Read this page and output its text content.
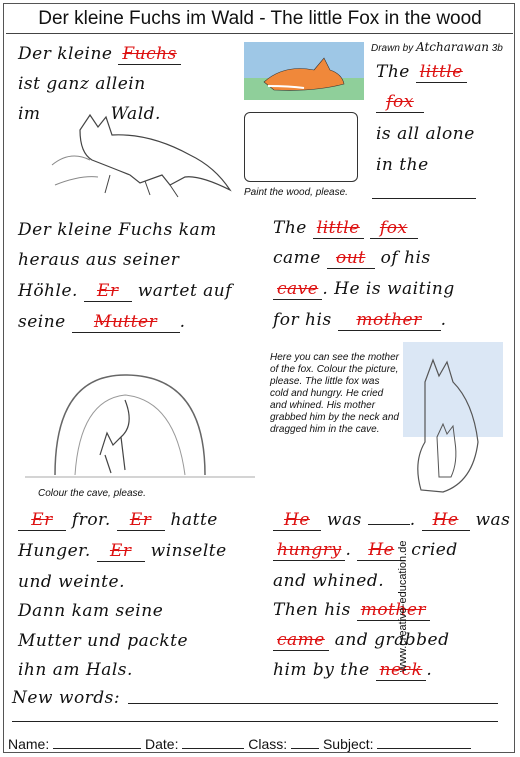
Der kleine Fuchs im Wald - The little Fox in the wood
Der kleine Fuchs
ist ganz allein
im	Wald.
Paint the wood, please.
Drawn by Atcharawan 3b
The little
fox
is all alone
in the
Der kleine Fuchs kam
heraus aus seiner
Höhle. Er wartet auf
seine Mutter .
The little fox
came out of his
cave . He is waiting
for his mother .
Colour the cave, please.
Here you can see the mother of the fox. Colour the picture, please. The little fox was cold and hungry. He cried and whined. His mother grabbed him by the neck and dragged him in the cave.
Er fror. Er hatte
Hunger. Er winselte
und weinte.
Dann kam seine
Mutter und packte
ihn am Hals.
He was	. He was
hungry . He cried
and whined.
Then his mother
came and grabbed
him by the neck .
New words:
Name:	Date:	Class:	Subject:
www.creative-education.de
